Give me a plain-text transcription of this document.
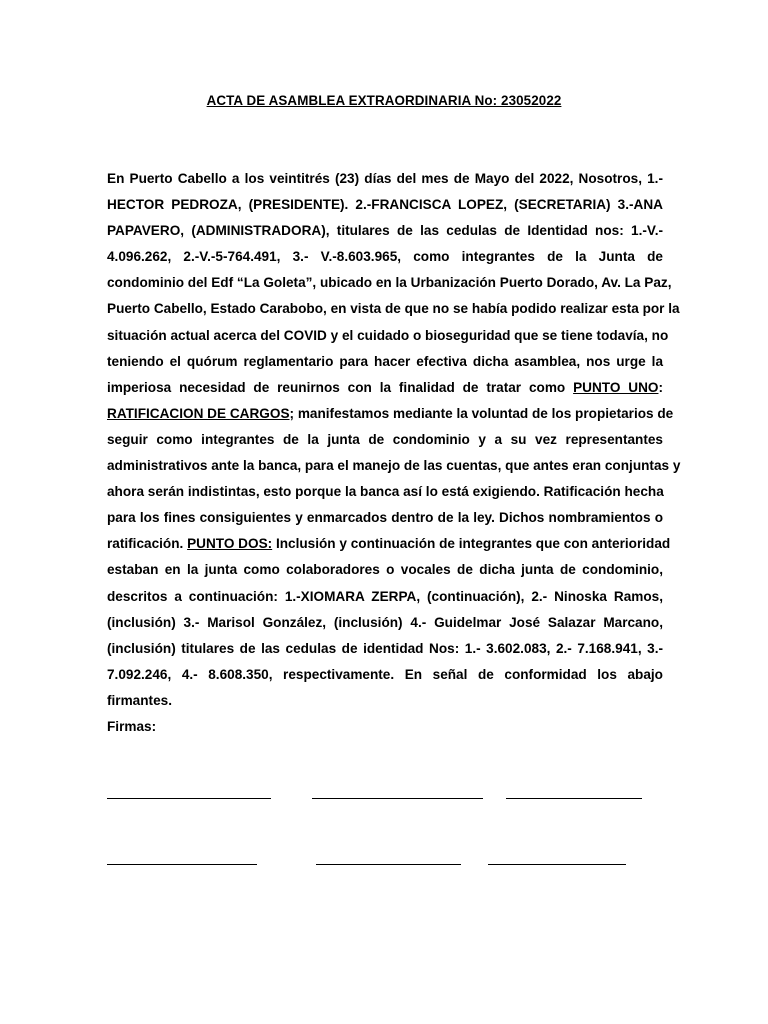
ACTA DE ASAMBLEA EXTRAORDINARIA No: 23052022
En Puerto Cabello a los veintitrés (23) días del mes de Mayo del 2022, Nosotros, 1.-
HECTOR PEDROZA, (PRESIDENTE). 2.-FRANCISCA LOPEZ, (SECRETARIA) 3.-ANA
PAPAVERO, (ADMINISTRADORA), titulares de las cedulas de Identidad nos: 1.-V.-
4.096.262, 2.-V.-5-764.491, 3.- V.-8.603.965, como integrantes de la Junta de
condominio del Edf “La Goleta”, ubicado en la Urbanización Puerto Dorado, Av. La Paz,
Puerto Cabello, Estado Carabobo, en vista de que no se había podido realizar esta por la
situación actual acerca del COVID y el cuidado o bioseguridad que se tiene todavía, no
teniendo el quórum reglamentario para hacer efectiva dicha asamblea, nos urge la
imperiosa necesidad de reunirnos con la finalidad de tratar como PUNTO UNO:
RATIFICACION DE CARGOS; manifestamos mediante la voluntad de los propietarios de
seguir como integrantes de la junta de condominio y a su vez representantes
administrativos ante la banca, para el manejo de las cuentas, que antes eran conjuntas y
ahora serán indistintas, esto porque la banca así lo está exigiendo. Ratificación hecha
para los fines consiguientes y enmarcados dentro de la ley. Dichos nombramientos o
ratificación. PUNTO DOS: Inclusión y continuación de integrantes que con anterioridad
estaban en la junta como colaboradores o vocales de dicha junta de condominio,
descritos a continuación: 1.-XIOMARA ZERPA, (continuación), 2.- Ninoska Ramos,
(inclusión) 3.- Marisol González, (inclusión) 4.- Guidelmar José Salazar Marcano,
(inclusión) titulares de las cedulas de identidad Nos: 1.- 3.602.083, 2.- 7.168.941, 3.-
7.092.246, 4.- 8.608.350, respectivamente. En señal de conformidad los abajo
firmantes.
Firmas:
